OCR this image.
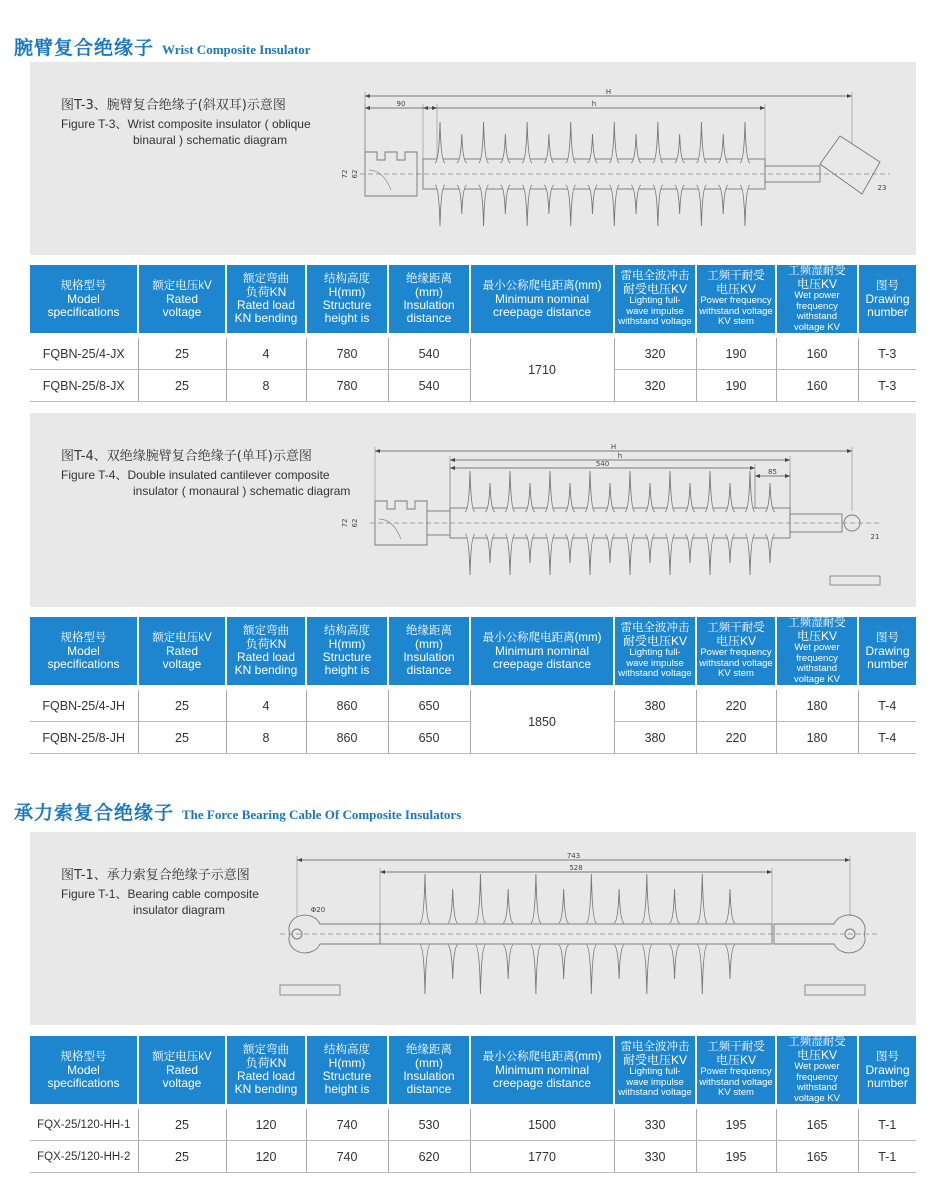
腕臂复合绝缘子 Wrist Composite Insulator
图T-3、腕臂复合绝缘子(斜双耳)示意图
Figure T-3、Wrist composite insulator ( oblique
binaural ) schematic diagram
H
h
90
72 62
23
规格型号
Model
specifications	额定电压kV
Rated
voltage	额定弯曲
负荷KN
Rated load
KN bending	结构高度
H(mm)
Structure
height is	绝缘距离
(mm)
Insulation
distance	最小公称爬电距离(mm)
Minimum nominal
creepage distance	雷电全波冲击
耐受电压KV
Lighting full-
wave impulse
withstand voltage	工频干耐受
电压KV
Power frequency
withstand voltage
KV stem	工频湿耐受
电压KV
Wet power
frequency withstand
voltage KV	图号
Drawing
number

FQBN-25/4-JX	25	4	780	540	1710	320	190	160	T-3
FQBN-25/8-JX	25	8	780	540		320	190	160	T-3
图T-4、双绝缘腕臂复合绝缘子(单耳)示意图
Figure T-4、Double insulated cantilever composite
insulator ( monaural ) schematic diagram
H
h
540
85
72 62
21
规格型号
Model
specifications	额定电压kV
Rated
voltage	额定弯曲
负荷KN
Rated load
KN bending	结构高度
H(mm)
Structure
height is	绝缘距离
(mm)
Insulation
distance	最小公称爬电距离(mm)
Minimum nominal
creepage distance	雷电全波冲击
耐受电压KV
Lighting full-
wave impulse
withstand voltage	工频干耐受
电压KV
Power frequency
withstand voltage
KV stem	工频湿耐受
电压KV
Wet power
frequency withstand
voltage KV	图号
Drawing
number

FQBN-25/4-JH	25	4	860	650	1850	380	220	180	T-4
FQBN-25/8-JH	25	8	860	650		380	220	180	T-4
承力索复合绝缘子 The Force Bearing Cable Of Composite Insulators
图T-1、承力索复合绝缘子示意图
Figure T-1、Bearing cable composite
insulator diagram
743
528
Φ20
规格型号
Model
specifications	额定电压kV
Rated
voltage	额定弯曲
负荷KN
Rated load
KN bending	结构高度
H(mm)
Structure
height is	绝缘距离
(mm)
Insulation
distance	最小公称爬电距离(mm)
Minimum nominal
creepage distance	雷电全波冲击
耐受电压KV
Lighting full-
wave impulse
withstand voltage	工频干耐受
电压KV
Power frequency
withstand voltage
KV stem	工频湿耐受
电压KV
Wet power
frequency withstand
voltage KV	图号
Drawing
number

FQX-25/120-HH-1	25	120	740	530	1500	330	195	165	T-1
FQX-25/120-HH-2	25	120	740	620	1770	330	195	165	T-1
